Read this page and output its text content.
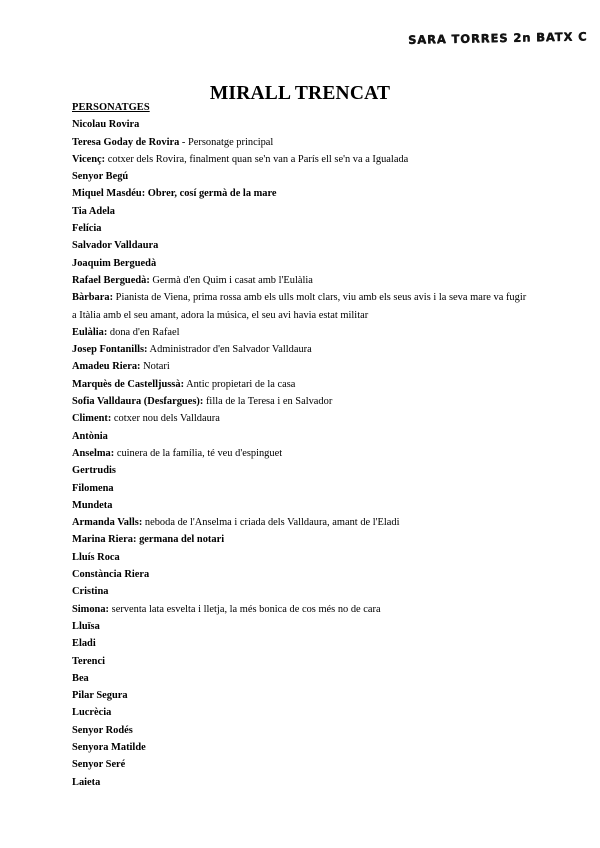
SARA TORRES 2n BATX C
MIRALL TRENCAT
PERSONATGES
Nicolau Rovira
Teresa Goday de Rovira - Personatge principal
Vicenç: cotxer dels Rovira, finalment quan se'n van a París ell se'n va a Igualada
Senyor Begú
Miquel Masdéu: Obrer, cosí germà de la mare
Tia Adela
Felícia
Salvador Valldaura
Joaquim Berguedà
Rafael Berguedà: Germà d'en Quim i casat amb l'Eulàlia
Bàrbara: Pianista de Viena, prima rossa amb els ulls molt clars, viu amb els seus avis i la seva mare va fugir a Itàlia amb el seu amant, adora la música, el seu avi havia estat militar
Eulàlia: dona d'en Rafael
Josep Fontanills: Administrador d'en Salvador Valldaura
Amadeu Riera: Notari
Marquès de Castelljussà: Antic propietari de la casa
Sofia Valldaura (Desfargues): filla de la Teresa i en Salvador
Climent: cotxer nou dels Valldaura
Antònia
Anselma: cuinera de la família, té veu d'espinguet
Gertrudis
Filomena
Mundeta
Armanda Valls: neboda de l'Anselma i criada dels Valldaura, amant de l'Eladi
Marina Riera: germana del notari
Lluís Roca
Constància Riera
Cristina
Simona: serventa lata esvelta i lletja, la més bonica de cos més no de cara
Lluïsa
Eladi
Terenci
Bea
Pilar Segura
Lucrècia
Senyor Rodés
Senyora Matilde
Senyor Seré
Laieta
